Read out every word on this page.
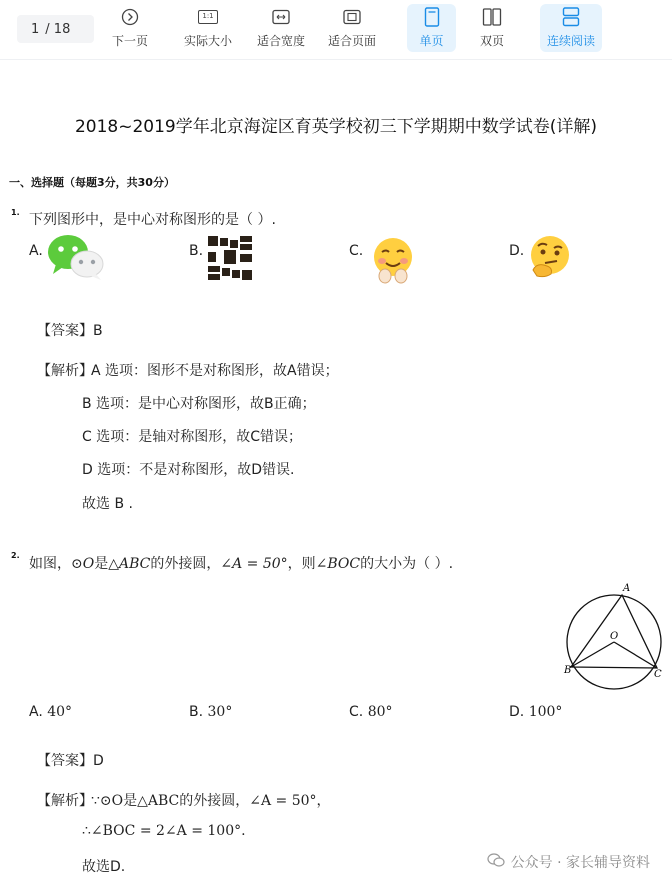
1 / 18
下一页
1:1
实际大小 适合宽度 适合页面	单页	双页	连续阅读
2018~2019学年北京海淀区育英学校初三下学期期中数学试卷(详解)
一、选择题（每题3分，共30分）
1. 下列图形中，是中心对称图形的是（ ）.
A.	B.	C.	D.
【答案】B
【解析】
A 选项：图形不是对称图形，故A错误；
B 选项：是中心对称图形，故B正确；
C 选项：是轴对称图形，故C错误；
D 选项：不是对称图形，故D错误.
故选 B .
2.
如图，⊙O是△ABC的外接圆，∠A = 50°，则∠BOC的大小为（ ）.
A
O
B	C
A. 40°	B. 30°	C. 80°	D. 100°
【答案】D
【解析】
∵⊙O是△ABC的外接圆，∠A = 50°，
∴∠BOC = 2∠A = 100°.
故选D.	公众号 · 家长辅导资料
